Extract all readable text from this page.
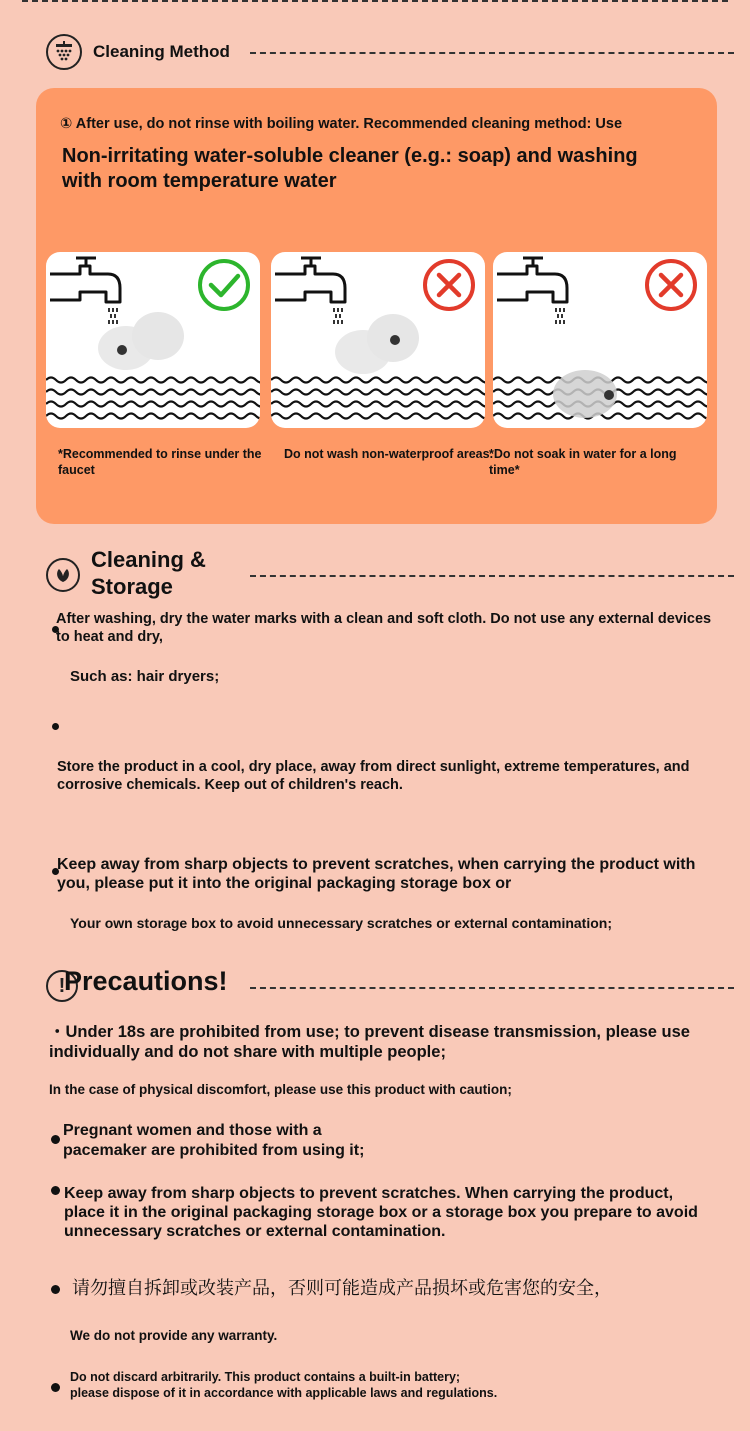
Cleaning Method
① After use, do not rinse with boiling water. Recommended cleaning method: Use
Non-irritating water-soluble cleaner (e.g.: soap) and washing with room temperature water
*Recommended to rinse under the faucet
Do not wash non-waterproof areas.
*Do not soak in water for a long time*
Cleaning &
Storage
After washing, dry the water marks with a clean and soft cloth. Do not use any external devices to heat and dry,
Such as: hair dryers;
Store the product in a cool, dry place, away from direct sunlight, extreme temperatures, and corrosive chemicals. Keep out of children's reach.
Keep away from sharp objects to prevent scratches, when carrying the product with you, please put it into the original packaging storage box or
Your own storage box to avoid unnecessary scratches or external contamination;
!
Precautions!
・Under 18s are prohibited from use; to prevent disease transmission, please use individually and do not share with multiple people;
In the case of physical discomfort, please use this product with caution;
Pregnant women and those with a pacemaker are prohibited from using it;
Keep away from sharp objects to prevent scratches. When carrying the product, place it in the original packaging storage box or a storage box you prepare to avoid unnecessary scratches or external contamination.
请勿擅自拆卸或改装产品，否则可能造成产品损坏或危害您的安全，
We do not provide any warranty.
Do not discard arbitrarily. This product contains a built-in battery;
please dispose of it in accordance with applicable laws and regulations.
